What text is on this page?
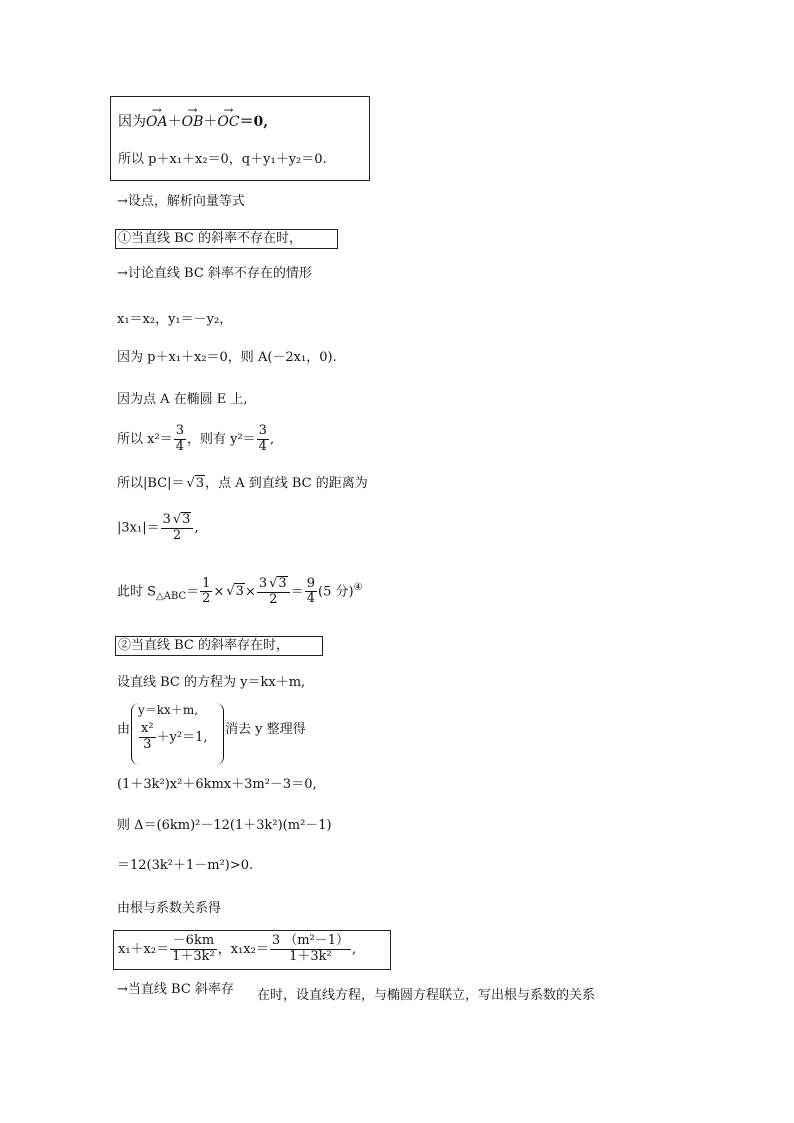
因为→ OA＋→ OB＋→ OC＝0,
所以 p＋x₁＋x₂＝0，q＋y₁＋y₂＝0.
→设点，解析向量等式
①当直线 BC 的斜率不存在时，
→讨论直线 BC 斜率不存在的情形
x₁＝x₂，y₁＝－y₂，
因为 p＋x₁＋x₂＝0，则 A(－2x₁，0).
因为点 A 在椭圆 E 上,
所以 $x^2= \frac{3}{4}$ ，则有 $y^2= \frac{3}{4}$ ,
所以|BC|＝ √ 3，点 A 到直线 BC 的距离为
$|3x_1|= \frac{3 √ 3}{2}$ ,
此时 $S_{\triangle ABC}= \frac{1}{2}$ × √ $3\times \frac{3 √ 3}{2} = \frac{9}{4} (5$ 分)④
②当直线 BC 的斜率存在时，
设直线 BC 的方程为 y＝kx＋m,
由
y＝kx＋m,
$\frac{\text{x²}}{3} +y^2=1$,
消去 y 整理得
(1＋3k²)x²＋6kmx＋3m²－3＝0,
则 Δ＝(6km)²－12(1＋3k²)(m²－1)
＝12(3k²＋1－m²)>0.
由根与系数关系得
$x_1+x_2= \frac{-6km}{\text{1＋3k²}}$ ，$x_1x_2= \frac{\text{3 （m²－1）}}{\text{1＋3k²}}$ ,
→当直线 BC 斜率存 在时，设直线方程，与椭圆方程联立，写出根与系数的关系
